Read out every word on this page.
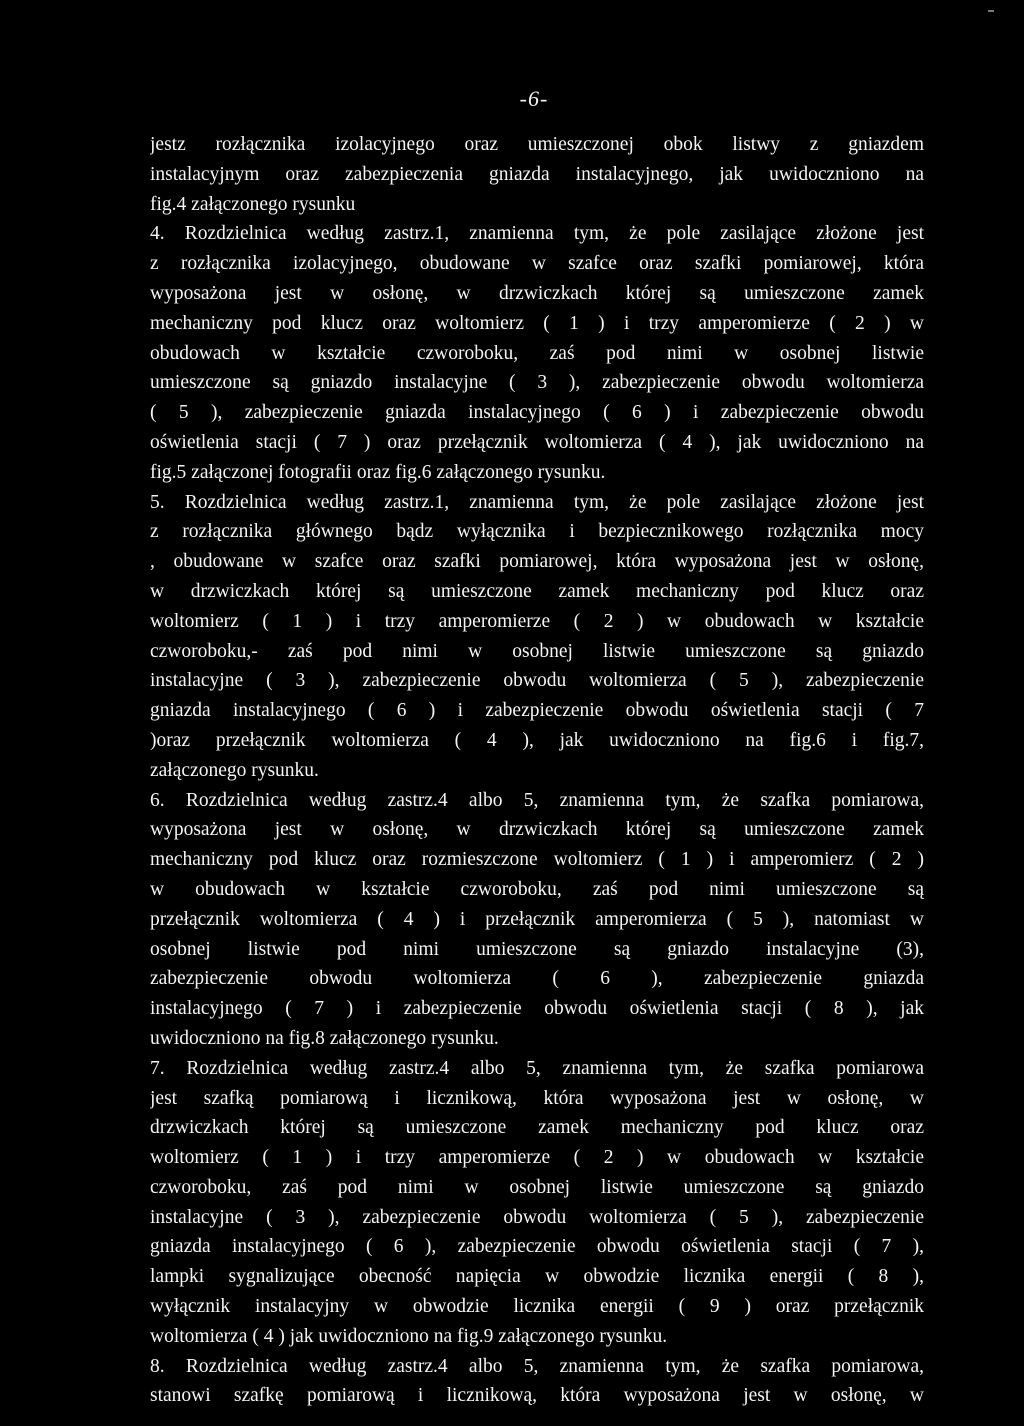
-6-
jestz rozłącznika izolacyjnego oraz umieszczonej obok listwy z gniazdem
instalacyjnym oraz zabezpieczenia gniazda instalacyjnego, jak uwidoczniono na
fig.4 załączonego rysunku
4. Rozdzielnica według zastrz.1, znamienna tym, że pole zasilające złożone jest
z rozłącznika izolacyjnego, obudowane w szafce oraz szafki pomiarowej, która
wyposażona jest w osłonę, w drzwiczkach której są umieszczone zamek
mechaniczny pod klucz oraz woltomierz ( 1 ) i trzy amperomierze ( 2 ) w
obudowach w kształcie czworoboku, zaś pod nimi w osobnej listwie
umieszczone są gniazdo instalacyjne ( 3 ), zabezpieczenie obwodu woltomierza
( 5 ), zabezpieczenie gniazda instalacyjnego ( 6 ) i zabezpieczenie obwodu
oświetlenia stacji ( 7 ) oraz przełącznik woltomierza ( 4 ), jak uwidoczniono na
fig.5 załączonej fotografii oraz fig.6 załączonego rysunku.
5. Rozdzielnica według zastrz.1, znamienna tym, że pole zasilające złożone jest
z rozłącznika głównego bądz wyłącznika i bezpiecznikowego rozłącznika mocy
, obudowane w szafce oraz szafki pomiarowej, która wyposażona jest w osłonę,
w drzwiczkach której są umieszczone zamek mechaniczny pod klucz oraz
woltomierz ( 1 ) i trzy amperomierze ( 2 ) w obudowach w kształcie
czworoboku,- zaś pod nimi w osobnej listwie umieszczone są gniazdo
instalacyjne ( 3 ), zabezpieczenie obwodu woltomierza ( 5 ), zabezpieczenie
gniazda instalacyjnego ( 6 ) i zabezpieczenie obwodu oświetlenia stacji ( 7
)oraz przełącznik woltomierza ( 4 ), jak uwidoczniono na fig.6 i fig.7,
załączonego rysunku.
6. Rozdzielnica według zastrz.4 albo 5, znamienna tym, że szafka pomiarowa,
wyposażona jest w osłonę, w drzwiczkach której są umieszczone zamek
mechaniczny pod klucz oraz rozmieszczone woltomierz ( 1 ) i amperomierz ( 2 )
w obudowach w kształcie czworoboku, zaś pod nimi umieszczone są
przełącznik woltomierza ( 4 ) i przełącznik amperomierza ( 5 ), natomiast w
osobnej listwie pod nimi umieszczone są gniazdo instalacyjne (3),
zabezpieczenie obwodu woltomierza ( 6 ), zabezpieczenie gniazda
instalacyjnego ( 7 ) i zabezpieczenie obwodu oświetlenia stacji ( 8 ), jak
uwidoczniono na fig.8 załączonego rysunku.
7. Rozdzielnica według zastrz.4 albo 5, znamienna tym, że szafka pomiarowa
jest szafką pomiarową i licznikową, która wyposażona jest w osłonę, w
drzwiczkach której są umieszczone zamek mechaniczny pod klucz oraz
woltomierz ( 1 ) i trzy amperomierze ( 2 ) w obudowach w kształcie
czworoboku, zaś pod nimi w osobnej listwie umieszczone są gniazdo
instalacyjne ( 3 ), zabezpieczenie obwodu woltomierza ( 5 ), zabezpieczenie
gniazda instalacyjnego ( 6 ), zabezpieczenie obwodu oświetlenia stacji ( 7 ),
lampki sygnalizujące obecność napięcia w obwodzie licznika energii ( 8 ),
wyłącznik instalacyjny w obwodzie licznika energii ( 9 ) oraz przełącznik
woltomierza ( 4 ) jak uwidoczniono na fig.9 załączonego rysunku.
8. Rozdzielnica według zastrz.4 albo 5, znamienna tym, że szafka pomiarowa,
stanowi szafkę pomiarową i licznikową, która wyposażona jest w osłonę, w
